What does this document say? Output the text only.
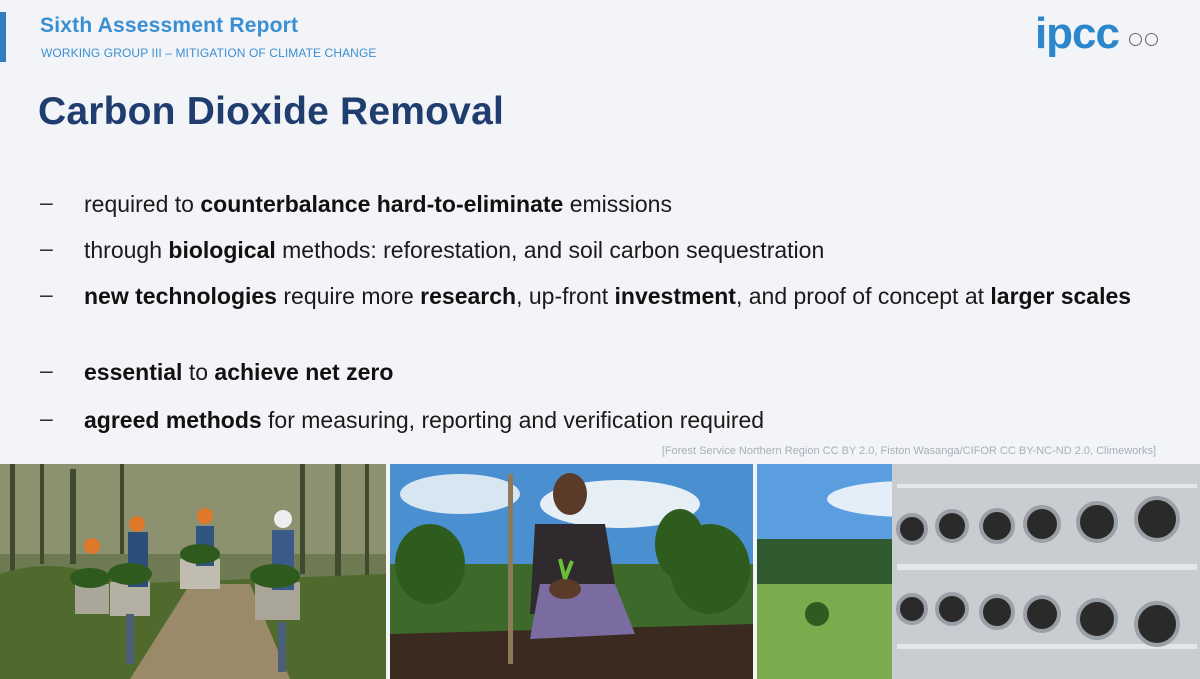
Sixth Assessment Report
WORKING GROUP III – MITIGATION OF CLIMATE CHANGE	ipcc
Carbon Dioxide Removal
– required to counterbalance hard-to-eliminate emissions
– through biological methods: reforestation, and soil carbon sequestration
– new technologies require more research, up-front investment, and proof of concept at larger scales
– essential to achieve net zero
– agreed methods for measuring, reporting and verification required
[Forest Service Northern Region CC BY 2.0, Fiston Wasanga/CIFOR CC BY-NC-ND 2.0, Climeworks]
